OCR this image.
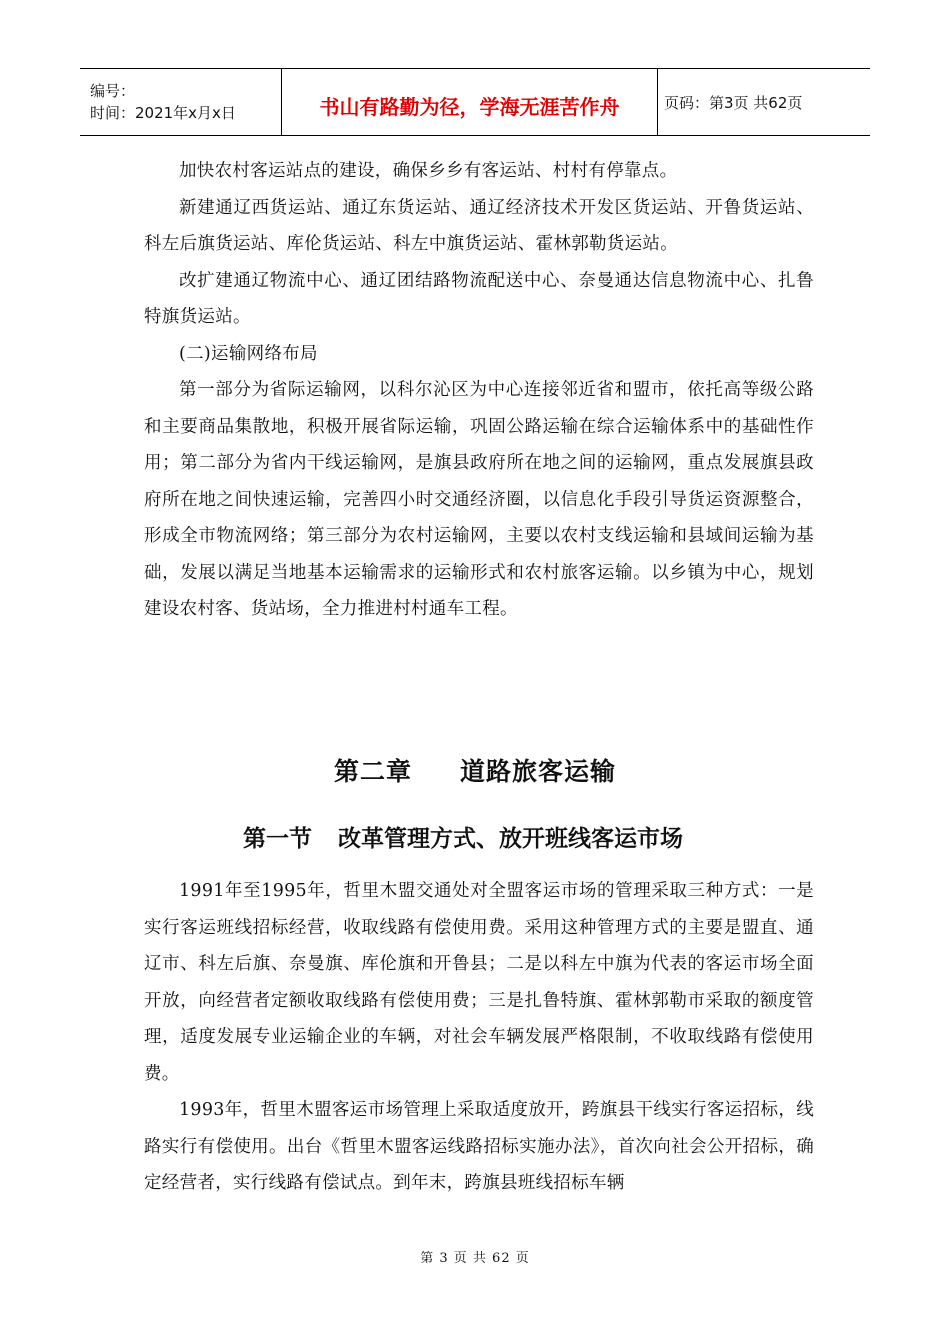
编号：
时间：2021年x月x日	书山有路勤为径，学海无涯苦作舟	页码：第3页 共62页

加快农村客运站点的建设，确保乡乡有客运站、村村有停靠点。

新建通辽西货运站、通辽东货运站、通辽经济技术开发区货运站、开鲁货运站、科左后旗货运站、库伦货运站、科左中旗货运站、霍林郭勒货运站。

改扩建通辽物流中心、通辽团结路物流配送中心、奈曼通达信息物流中心、扎鲁特旗货运站。

(二)运输网络布局

第一部分为省际运输网，以科尔沁区为中心连接邻近省和盟市，依托高等级公路和主要商品集散地，积极开展省际运输，巩固公路运输在综合运输体系中的基础性作用；第二部分为省内干线运输网，是旗县政府所在地之间的运输网，重点发展旗县政府所在地之间快速运输，完善四小时交通经济圈，以信息化手段引导货运资源整合，形成全市物流网络；第三部分为农村运输网，主要以农村支线运输和县域间运输为基础，发展以满足当地基本运输需求的运输形式和农村旅客运输。以乡镇为中心，规划建设农村客、货站场，全力推进村村通车工程。

第二章 道路旅客运输
第一节 改革管理方式、放开班线客运市场

1991年至1995年，哲里木盟交通处对全盟客运市场的管理采取三种方式：一是实行客运班线招标经营，收取线路有偿使用费。采用这种管理方式的主要是盟直、通辽市、科左后旗、奈曼旗、库伦旗和开鲁县；二是以科左中旗为代表的客运市场全面开放，向经营者定额收取线路有偿使用费；三是扎鲁特旗、霍林郭勒市采取的额度管理，适度发展专业运输企业的车辆，对社会车辆发展严格限制，不收取线路有偿使用费。

1993年，哲里木盟客运市场管理上采取适度放开，跨旗县干线实行客运招标，线路实行有偿使用。出台《哲里木盟客运线路招标实施办法》，首次向社会公开招标，确定经营者，实行线路有偿试点。到年末，跨旗县班线招标车辆

第 3 页 共 62 页
